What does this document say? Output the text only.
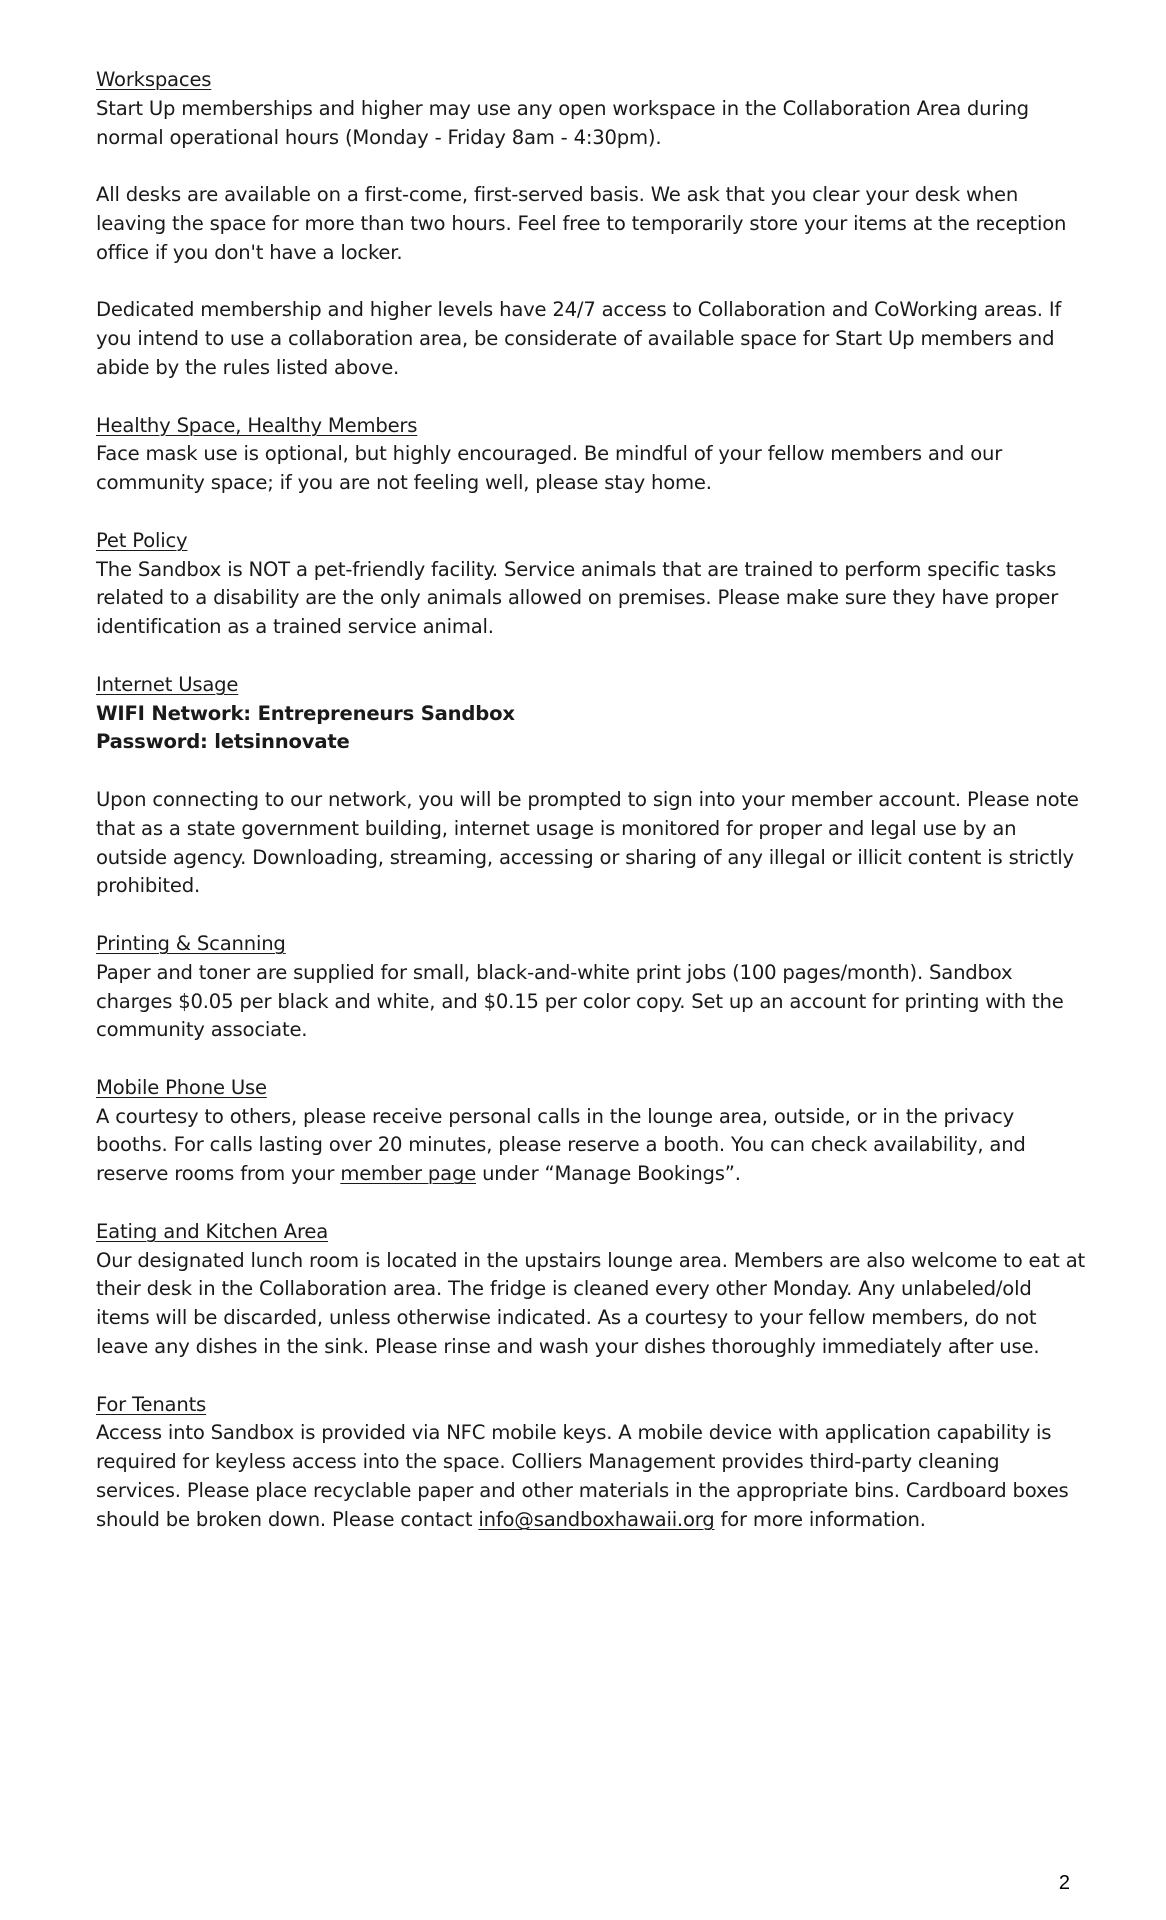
Workspaces

Start Up memberships and higher may use any open workspace in the Collaboration Area during normal operational hours (Monday - Friday 8am - 4:30pm).

All desks are available on a first-come, first-served basis. We ask that you clear your desk when leaving the space for more than two hours. Feel free to temporarily store your items at the reception office if you don't have a locker.

Dedicated membership and higher levels have 24/7 access to Collaboration and CoWorking areas. If you intend to use a collaboration area, be considerate of available space for Start Up members and abide by the rules listed above.

Healthy Space, Healthy Members

Face mask use is optional, but highly encouraged. Be mindful of your fellow members and our community space; if you are not feeling well, please stay home.

Pet Policy

The Sandbox is NOT a pet-friendly facility. Service animals that are trained to perform specific tasks related to a disability are the only animals allowed on premises. Please make sure they have proper identification as a trained service animal.

Internet Usage
WIFI Network: Entrepreneurs Sandbox
Password: letsinnovate

Upon connecting to our network, you will be prompted to sign into your member account. Please note that as a state government building, internet usage is monitored for proper and legal use by an outside agency. Downloading, streaming, accessing or sharing of any illegal or illicit content is strictly prohibited.

Printing & Scanning

Paper and toner are supplied for small, black-and-white print jobs (100 pages/month). Sandbox charges $0.05 per black and white, and $0.15 per color copy. Set up an account for printing with the community associate.

Mobile Phone Use

A courtesy to others, please receive personal calls in the lounge area, outside, or in the privacy booths. For calls lasting over 20 minutes, please reserve a booth. You can check availability, and reserve rooms from your member page under “Manage Bookings”.

Eating and Kitchen Area

Our designated lunch room is located in the upstairs lounge area. Members are also welcome to eat at their desk in the Collaboration area. The fridge is cleaned every other Monday. Any unlabeled/old items will be discarded, unless otherwise indicated. As a courtesy to your fellow members, do not leave any dishes in the sink. Please rinse and wash your dishes thoroughly immediately after use.

For Tenants

Access into Sandbox is provided via NFC mobile keys. A mobile device with application capability is required for keyless access into the space. Colliers Management provides third-party cleaning services. Please place recyclable paper and other materials in the appropriate bins. Cardboard boxes should be broken down. Please contact info@sandboxhawaii.org for more information.

2
